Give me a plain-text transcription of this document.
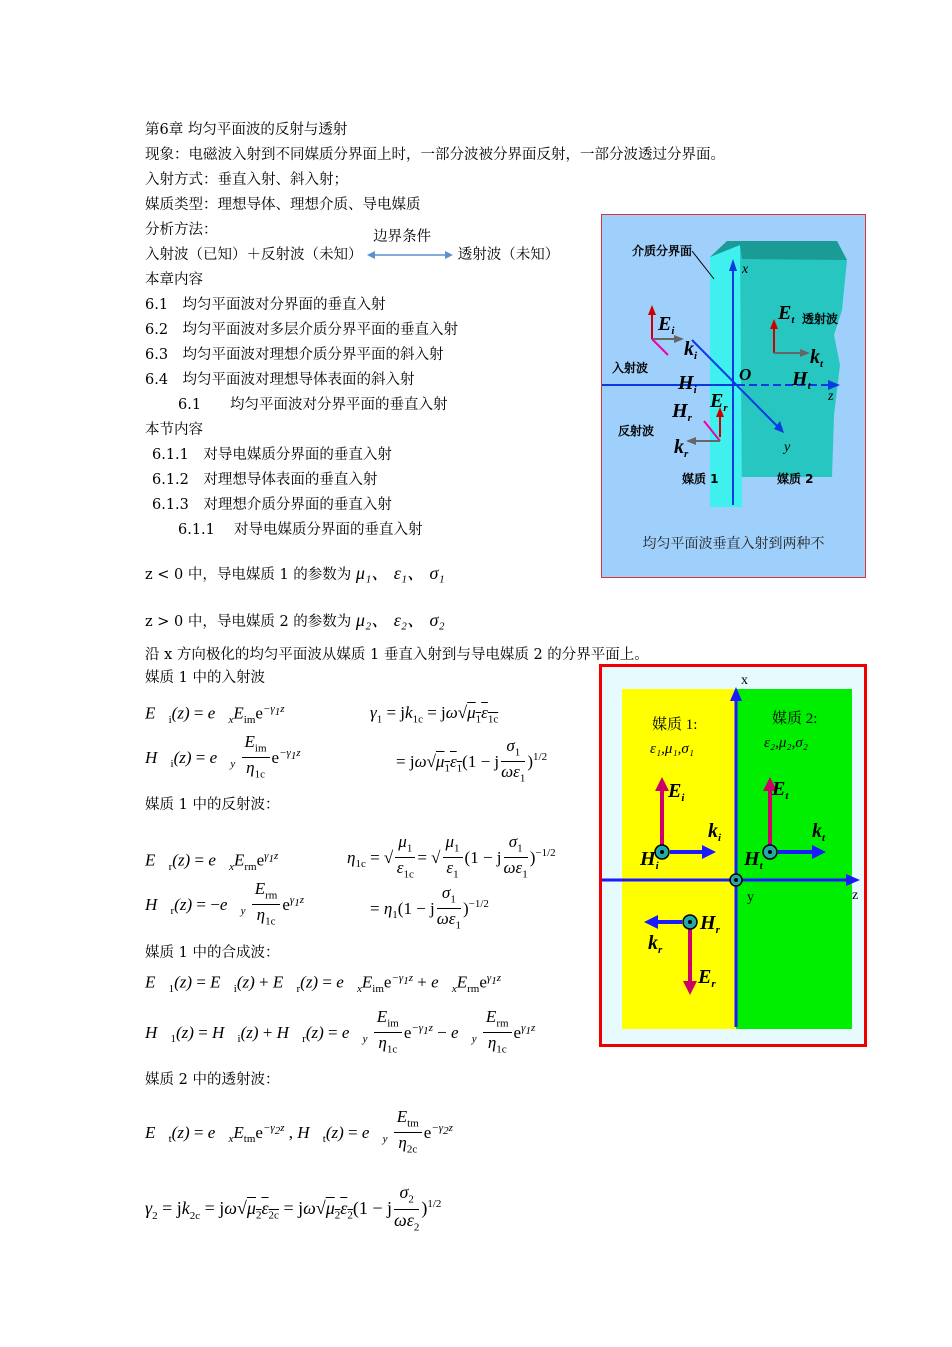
第6章 均匀平面波的反射与透射
现象：电磁波入射到不同媒质分界面上时，一部分波被分界面反射，一部分波透过分界面。
入射方式：垂直入射、斜入射；
媒质类型：理想导体、理想介质、导电媒质
分析方法：
入射波（已知）＋反射波（未知）
边界条件
透射波（未知）
本章内容
6.1　均匀平面波对分界面的垂直入射
6.2　均匀平面波对多层介质分界平面的垂直入射
6.3　均匀平面波对理想介质分界平面的斜入射
6.4　均匀平面波对理想导体表面的斜入射
6.1　　均匀平面波对分界平面的垂直入射
本节内容
6.1.1　对导电媒质分界面的垂直入射
6.1.2　对理想导体表面的垂直入射
6.1.3　对理想介质分界面的垂直入射
6.1.1　 对导电媒质分界面的垂直入射
z < 0 中，导电媒质 1 的参数为 μ₁、 ε₁、 σ₁
z > 0 中，导电媒质 2 的参数为 μ₂、 ε₂、 σ₂
沿 x 方向极化的均匀平面波从媒质 1 垂直入射到与导电媒质 2 的分界平面上。
媒质 1 中的入射波
$E⃗_i(z)$ = $e⃗_xE_{im}e^{-\gamma_1z}$
$H⃗_i(z)$ = $e⃗_y \frac{E_{im}}{\eta_{1c}} e^{-\gamma_1z}$
$\gamma_1 = jk_{1c} = j\omega√\mu_1\varepsilon_{1c}$
= $j\omega√\mu_1\varepsilon_1(1 - j \frac{\sigma_1}{\omega\varepsilon_1} )^{1/2}$
媒质 1 中的反射波：
$\eta_{1c}$ = √ $\frac{\mu_1}{\varepsilon_{1c}}$ = √ $\frac{\mu_1}{\varepsilon_1} (1 - j \frac{\sigma_1}{\omega\varepsilon_1} )^{-1/2}$
$E⃗_r(z)$ = $e⃗_xE_{rm}e^{\gamma_1z}$
$H⃗_r(z)$ = $-e⃗_y \frac{E_{rm}}{\eta_{1c}} e^{\gamma_1z}$	= $\eta_1(1 - j \frac{\sigma_1}{\omega\varepsilon_1} )^{-1/2}$
媒质 1 中的合成波：
$E⃗_1(z)$ = $E⃗_i(z)$ + $E⃗_r(z)$ = $e⃗_xE_{im}e^{-\gamma_1z}$ + $e⃗_xE_{rm}e^{\gamma_1z}$
$H⃗_1(z)$ = $H⃗_i(z)$ + $H⃗_r(z)$ = $e⃗_y \frac{E_{im}}{\eta_{1c}} e^{-\gamma_1z}$ − $e⃗_y \frac{E_{rm}}{\eta_{1c}} e^{\gamma_1z}$
媒质 2 中的透射波：
$E⃗_t(z)$ = $e⃗_xE_{tm}e^{-\gamma_2z}$ , $H⃗_t(z)$ = $e⃗_y \frac{E_{tm}}{\eta_{2c}} e^{-\gamma_2z}$
$\gamma_2 = jk_{2c} = j\omega√\mu_2\varepsilon_{2c} = j\omega√\mu_2\varepsilon_2(1 - j \frac{\sigma_2}{\omega\varepsilon_2} )^{1/2}$
介质分界面
入射波
反射波
透射波
媒质 1	媒质 2
x
y
z
O
$E_i$
$k_i$
$H_i$
$H_r$
$E_r$
$k_r$
$E_t$
$k_t$
$H_t$
均匀平面波垂直入射到两种不
x
y	z
媒质 1:
ε₁,μ₁,σ₁
媒质 2:
ε₂,μ₂,σ₂
$E_i$
$k_i$
$H_i$
$E_t$
$k_t$
$H_t$
$H_r$
$k_r$
$E_r$
